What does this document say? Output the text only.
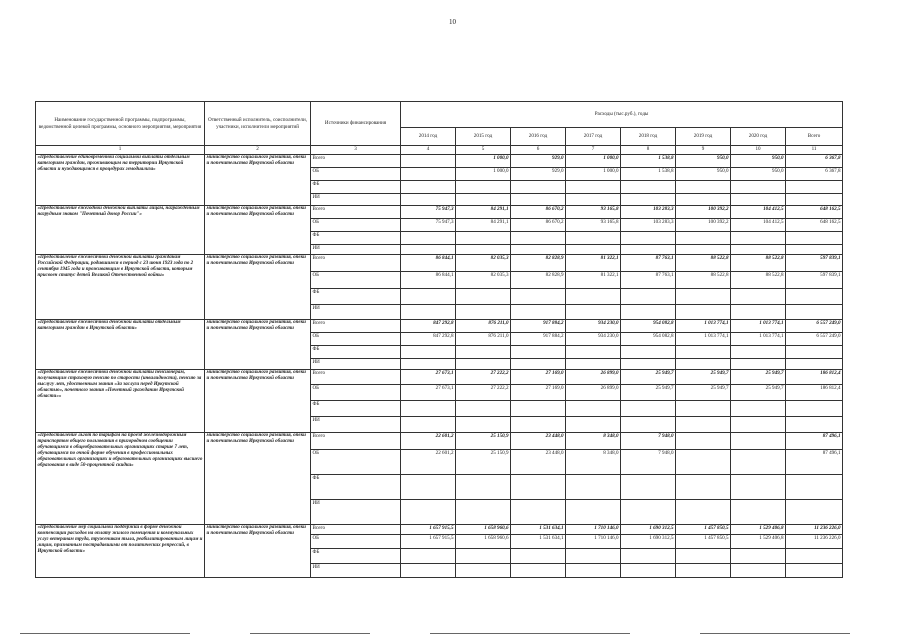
10
Наименование государственной программы, подпрограммы, ведомственной целевой программы, основного мероприятия, мероприятия	Ответственный исполнитель, соисполнители, участники, исполнители мероприятий	Источники финансирования	Расходы (тыс.руб.), годы							
			2014 год	2015 год	2016 год	2017 год	2018 год	2019 год	2020 год	Всего
1	2	3	4	5	6	7	8	9	10	11
«Предоставление единовременной социальной выплаты отдельным категориям граждан, проживающим на территории Иркутской области и нуждающимся в процедурах гемодиализа»	министерство социального развития, опеки и попечительства Иркутской области	Всего		1 000,0	929,0	1 000,0	1 538,8	950,0	950,0	6 367,8
		ОБ		1 000,0	929,0	1 000,0	1 538,8	950,0	950,0	6 367,8
		ФБ								
		ИИ								
«Предоставление ежегодной денежной выплаты лицам, награжденным нагрудным знаком "Почетный донор России"»	министерство социального развития, опеки и попечительства Иркутской области	Всего	75 947,3	84 291,1	86 670,2	93 165,8	103 283,3	100 392,2	104 412,5	648 162,5
		ОБ	75 947,3	84 291,1	86 670,2	93 165,8	103 283,3	100 392,2	104 412,5	648 162,5
		ФБ								
		ИИ								
«Предоставление ежемесячной денежной выплаты гражданам Российской Федерации, родившимся в период с 23 июня 1923 года по 2 сентября 1945 года и проживающим в Иркутской области, которым присвоен статус детей Великой Отечественной войны»	министерство социального развития, опеки и попечительства Иркутской области	Всего	86 844,1	82 035,3	82 828,9	81 322,1	87 763,1	88 522,8	88 522,8	597 839,1
		ОБ	86 844,1	82 035,3	82 828,9	81 322,1	87 763,1	88 522,8	88 522,8	597 839,1
		ФБ								
		ИИ								
«Предоставление ежемесячной денежной выплаты отдельным категориям граждан в Иркутской области»	министерство социального развития, опеки и попечительства Иркутской области	Всего	847 292,8	876 211,0	917 884,2	934 230,0	954 082,8	1 013 774,1	1 013 774,1	6 557 249,0
		ОБ	847 292,8	876 211,0	917 884,2	934 230,0	954 082,8	1 013 774,1	1 013 774,1	6 557 249,0
		ФБ								
		ИИ								
«Предоставление ежемесячной денежной выплаты пенсионерам, получающим страховую пенсию по старости (инвалидности), пенсию за выслугу лет, удостоенным звания «За заслуги перед Иркутской областью», почетного звания «Почетный гражданин Иркутской области»»	министерство социального развития, опеки и попечительства Иркутской области	Всего	27 673,1	27 222,2	27 169,0	26 899,0	25 949,7	25 949,7	25 949,7	186 812,4
		ОБ	27 673,1	27 222,2	27 169,0	26 899,0	25 949,7	25 949,7	25 949,7	186 812,4
		ФБ								
		ИИ								
«Предоставление льгот по тарифам на проезд железнодорожным транспортом общего пользования в пригородном сообщении обучающимся в общеобразовательных организациях старше 7 лет, обучающимся по очной форме обучения в профессиональных образовательных организациях и образовательных организациях высшего образования в виде 50-процентной скидки»	министерство социального развития, опеки и попечительства Иркутской области	Всего	22 601,2	25 150,9	23 448,0	8 348,0	7 948,0			87 496,1
		ОБ	22 601,2	25 150,9	23 448,0	8 348,0	7 948,0			87 496,1
		ФБ								
		ИИ								
«Предоставление мер социальной поддержки в форме денежной компенсации расходов на оплату жилого помещения и коммунальных услуг ветеранам труда, труженикам тыла, реабилитированным лицам и лицам, признанным пострадавшими от политических репрессий, в Иркутской области»	министерство социального развития, опеки и попечительства Иркутской области	Всего	1 657 915,5	1 658 960,6	1 531 634,1	1 710 146,0	1 690 312,5	1 457 850,5	1 529 406,8	11 236 226,0
		ОБ	1 657 915,5	1 658 960,6	1 531 634,1	1 710 146,0	1 690 312,5	1 457 850,5	1 529 406,8	11 236 226,0
		ФБ								
		ИИ								
